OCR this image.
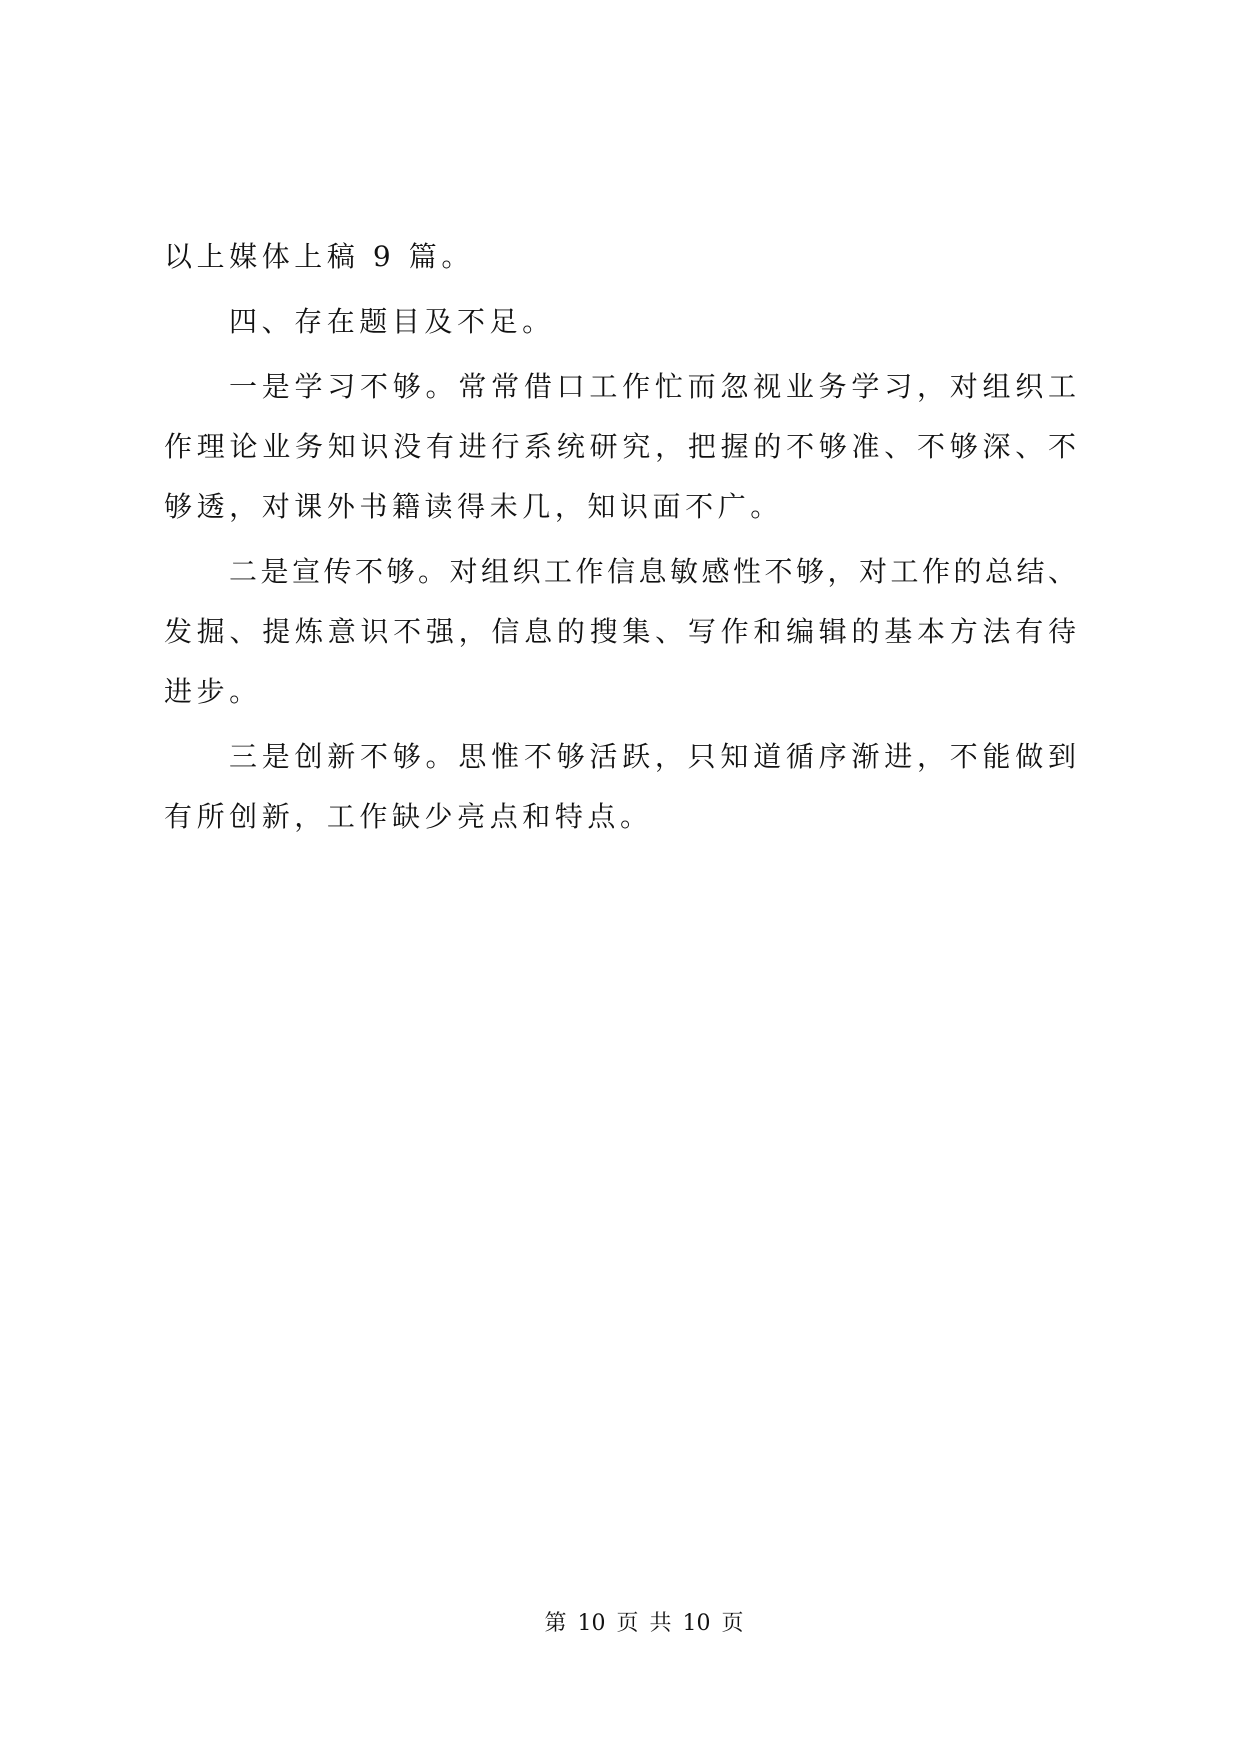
以上媒体上稿 9 篇。
四、存在题目及不足。
一是学习不够。常常借口工作忙而忽视业务学习，对组织工
作理论业务知识没有进行系统研究，把握的不够准、不够深、不
够透，对课外书籍读得未几，知识面不广。
二是宣传不够。对组织工作信息敏感性不够，对工作的总结、
发掘、提炼意识不强，信息的搜集、写作和编辑的基本方法有待
进步。
三是创新不够。思惟不够活跃，只知道循序渐进，不能做到
有所创新，工作缺少亮点和特点。
第 10 页 共 10 页
